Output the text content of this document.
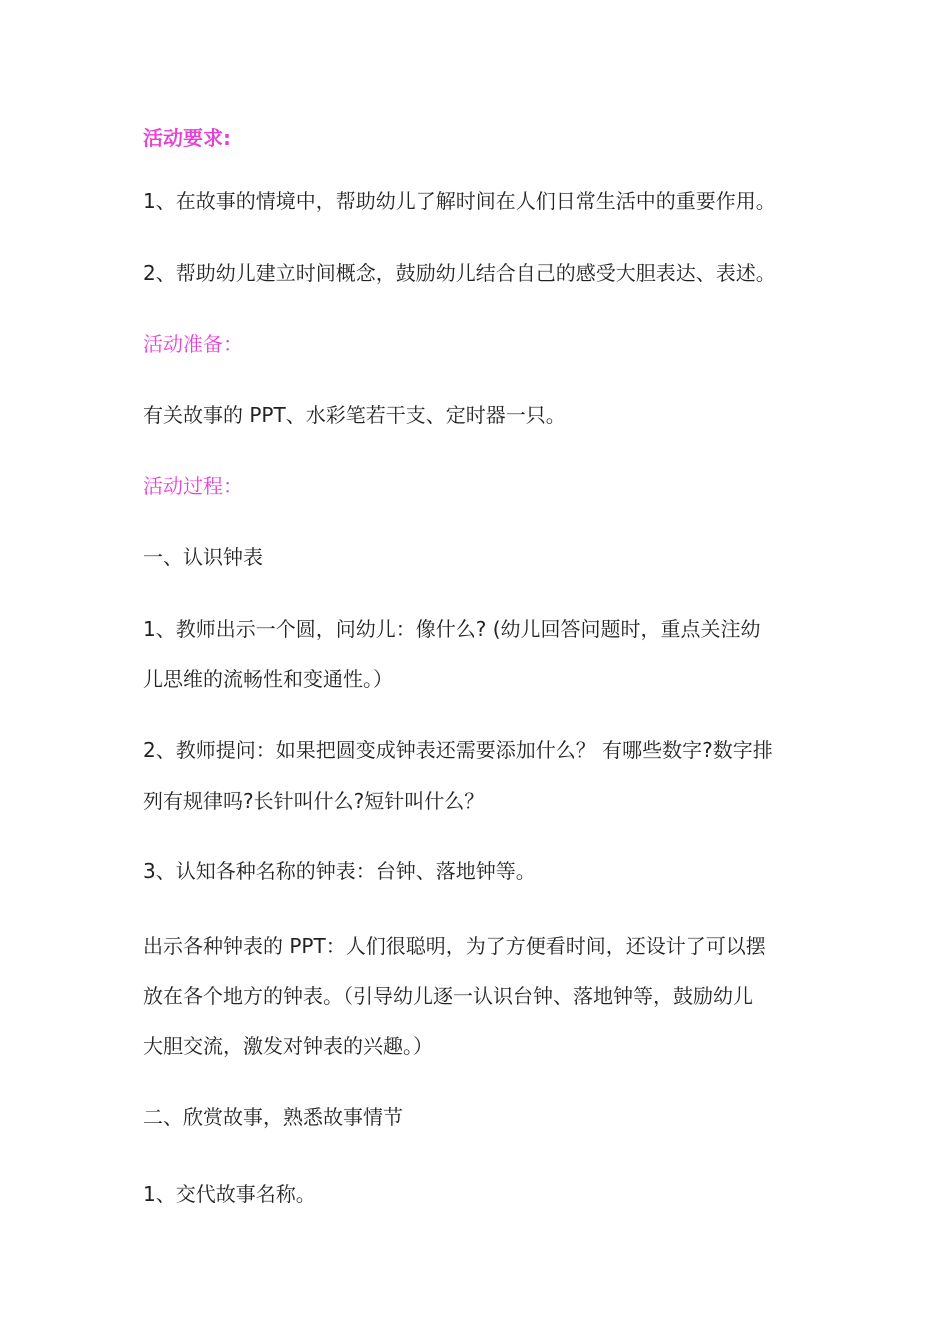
活动要求:
1、在故事的情境中，帮助幼儿了解时间在人们日常生活中的重要作用。
2、帮助幼儿建立时间概念，鼓励幼儿结合自己的感受大胆表达、表述。
活动准备：
有关故事的 PPT、水彩笔若干支、定时器一只。
活动过程：
一、认识钟表
1、教师出示一个圆，问幼儿：像什么? (幼儿回答问题时，重点关注幼
儿思维的流畅性和变通性。）
2、教师提问：如果把圆变成钟表还需要添加什么？ 有哪些数字?数字排
列有规律吗?长针叫什么?短针叫什么？
3、认知各种名称的钟表：台钟、落地钟等。
出示各种钟表的 PPT：人们很聪明，为了方便看时间，还设计了可以摆
放在各个地方的钟表。（引导幼儿逐一认识台钟、落地钟等，鼓励幼儿
大胆交流，激发对钟表的兴趣。）
二、欣赏故事，熟悉故事情节
1、交代故事名称。
